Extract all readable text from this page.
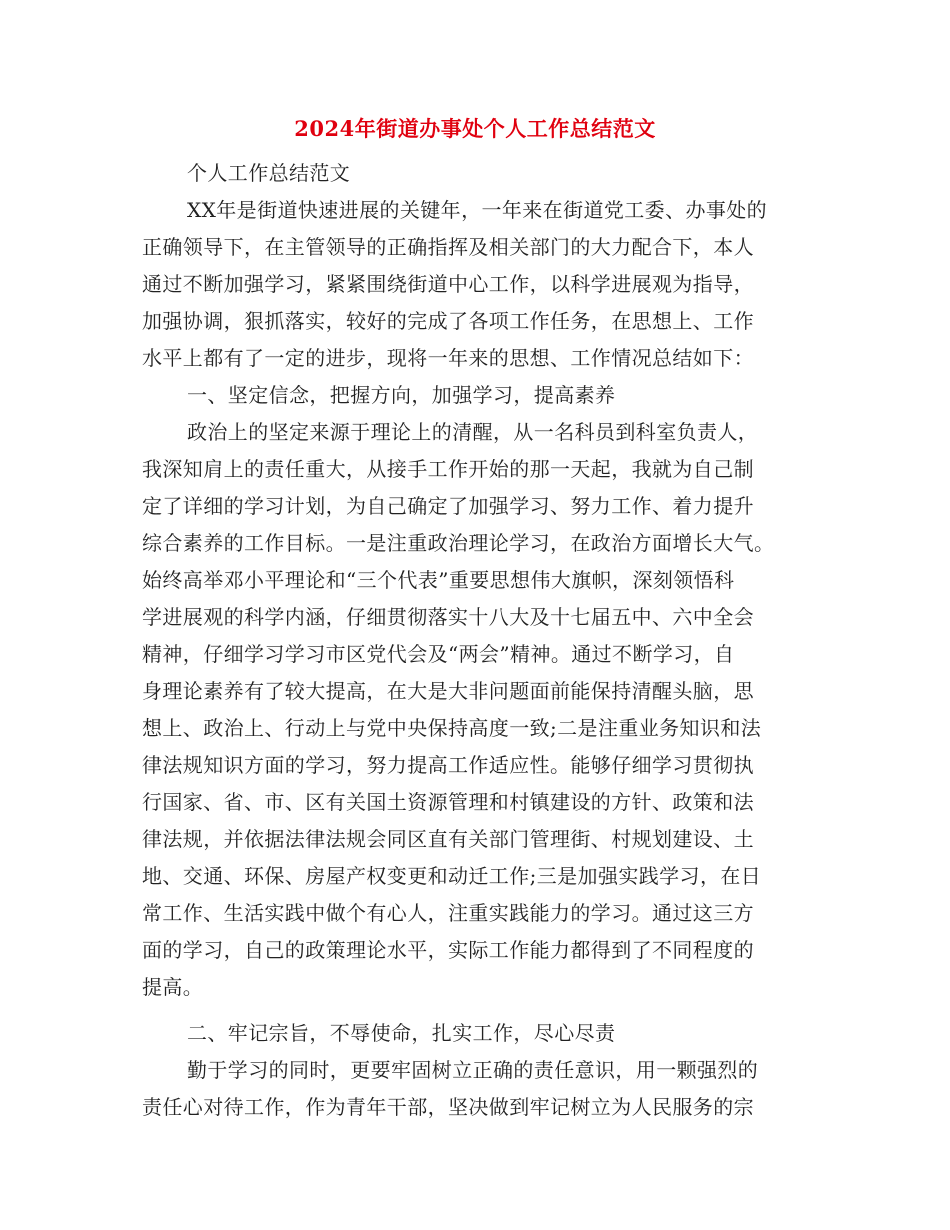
2024年街道办事处个人工作总结范文
个人工作总结范文
XX年是街道快速进展的关键年，一年来在街道党工委、办事处的
正确领导下，在主管领导的正确指挥及相关部门的大力配合下，本人
通过不断加强学习，紧紧围绕街道中心工作，以科学进展观为指导，
加强协调，狠抓落实，较好的完成了各项工作任务，在思想上、工作
水平上都有了一定的进步，现将一年来的思想、工作情况总结如下：
一、坚定信念，把握方向，加强学习，提高素养
政治上的坚定来源于理论上的清醒，从一名科员到科室负责人，
我深知肩上的责任重大，从接手工作开始的那一天起，我就为自己制
定了详细的学习计划，为自己确定了加强学习、努力工作、着力提升
综合素养的工作目标。一是注重政治理论学习，在政治方面增长大气。
始终高举邓小平理论和“三个代表”重要思想伟大旗帜，深刻领悟科
学进展观的科学内涵，仔细贯彻落实十八大及十七届五中、六中全会
精神，仔细学习学习市区党代会及“两会”精神。通过不断学习，自
身理论素养有了较大提高，在大是大非问题面前能保持清醒头脑，思
想上、政治上、行动上与党中央保持高度一致;二是注重业务知识和法
律法规知识方面的学习，努力提高工作适应性。能够仔细学习贯彻执
行国家、省、市、区有关国土资源管理和村镇建设的方针、政策和法
律法规，并依据法律法规会同区直有关部门管理街、村规划建设、土
地、交通、环保、房屋产权变更和动迁工作;三是加强实践学习，在日
常工作、生活实践中做个有心人，注重实践能力的学习。通过这三方
面的学习，自己的政策理论水平，实际工作能力都得到了不同程度的
提高。
二、牢记宗旨，不辱使命，扎实工作，尽心尽责
勤于学习的同时，更要牢固树立正确的责任意识，用一颗强烈的
责任心对待工作，作为青年干部，坚决做到牢记树立为人民服务的宗
